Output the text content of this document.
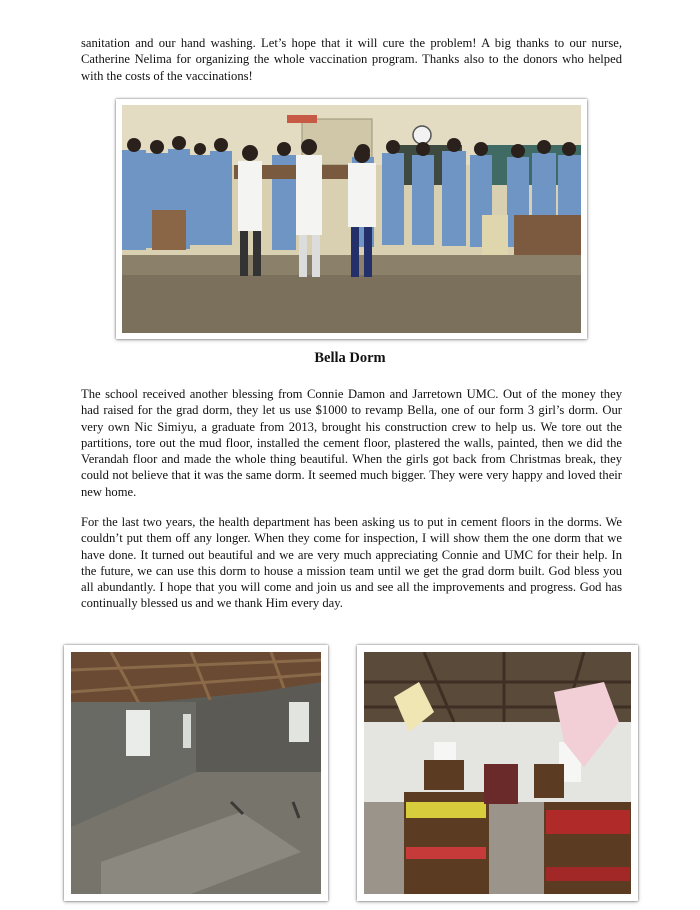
sanitation and our hand washing. Let’s hope that it will cure the problem! A big thanks to our nurse, Catherine Nelima for organizing the whole vaccination program. Thanks also to the donors who helped with the costs of the vaccinations!

Bella Dorm

The school received another blessing from Connie Damon and Jarretown UMC. Out of the money they had raised for the grad dorm, they let us use $1000 to revamp Bella, one of our form 3 girl’s dorm. Our very own Nic Simiyu, a graduate from 2013, brought his construction crew to help us. We tore out the partitions, tore out the mud floor, installed the cement floor, plastered the walls, painted, then we did the Verandah floor and made the whole thing beautiful. When the girls got back from Christmas break, they could not believe that it was the same dorm. It seemed much bigger. They were very happy and loved their new home.

For the last two years, the health department has been asking us to put in cement floors in the dorms. We couldn’t put them off any longer. When they come for inspection, I will show them the one dorm that we have done. It turned out beautiful and we are very much appreciating Connie and UMC for their help. In the future, we can use this dorm to house a mission team until we get the grad dorm built. God bless you all abundantly. I hope that you will come and join us and see all the improvements and progress. God has continually blessed us and we thank Him every day.
